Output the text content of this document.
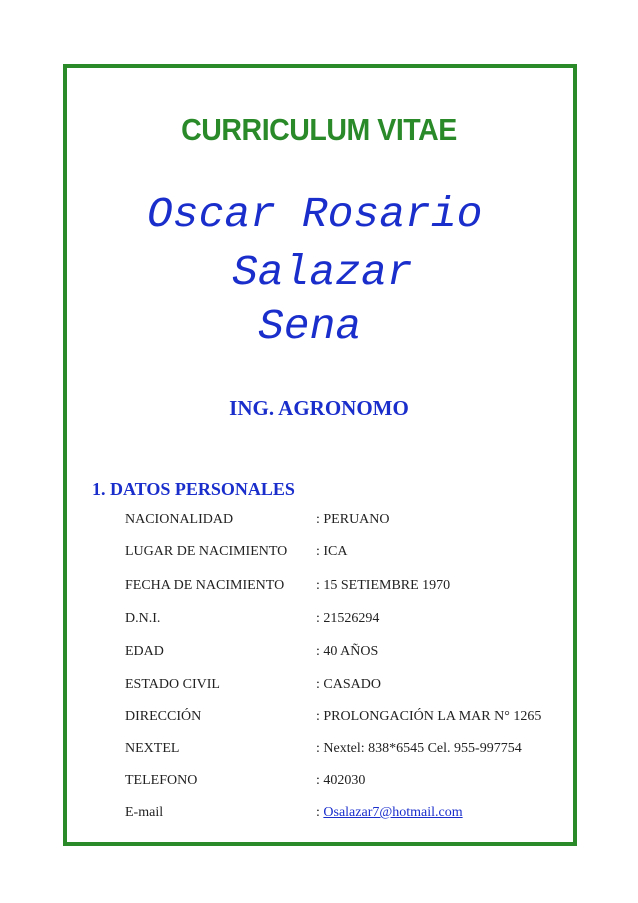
CURRICULUM VITAE
Oscar Rosario
Salazar
Sena
ING. AGRONOMO
1. DATOS PERSONALES
NACIONALIDAD	: PERUANO
LUGAR DE NACIMIENTO : ICA
FECHA DE NACIMIENTO : 15 SETIEMBRE 1970
D.N.I.	: 21526294
EDAD	: 40 AÑOS
ESTADO CIVIL	: CASADO
DIRECCIÓN	: PROLONGACIÓN LA MAR N° 1265
NEXTEL	: Nextel: 838*6545 Cel. 955-997754
TELEFONO	: 402030
E-mail	: Osalazar7@hotmail.com
